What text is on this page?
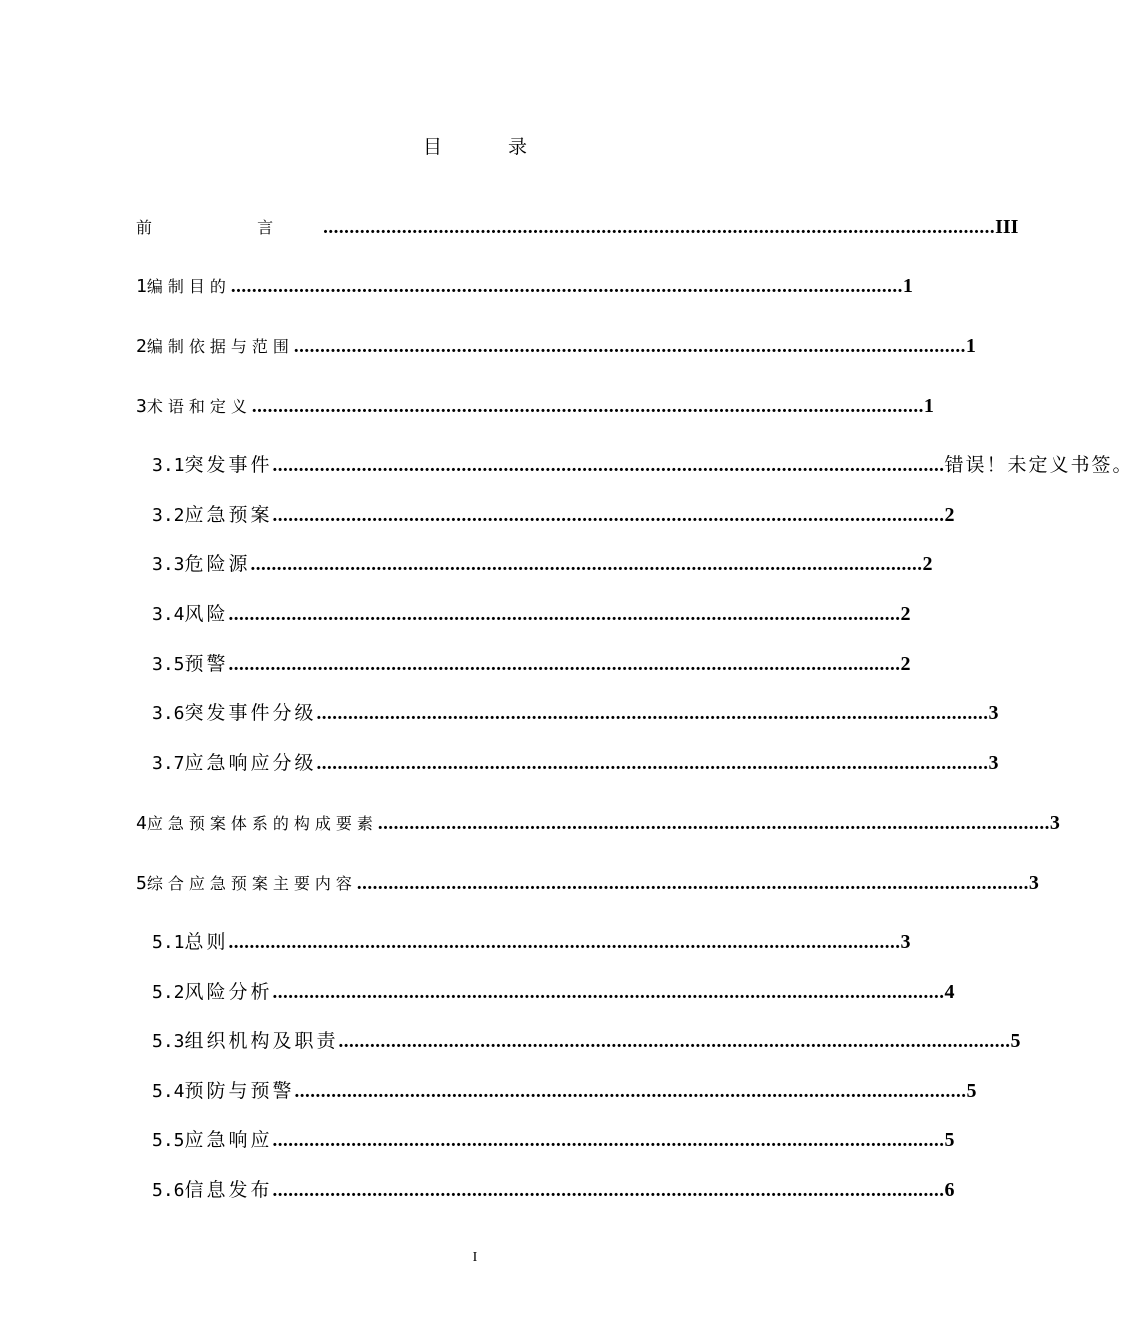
目 录
前 言 ................................................................................................................................ III
1 编制目的 ................................................................................................................................ 1
2 编制依据与范围 ................................................................................................................................ 1
3 术语和定义 ................................................................................................................................ 1
3.1 突发事件 ................................................................................................................................ 错误！未定义书签。
3.2 应急预案 ................................................................................................................................ 2
3.3 危险源 ................................................................................................................................ 2
3.4 风险 ................................................................................................................................ 2
3.5 预警 ................................................................................................................................ 2
3.6 突发事件分级 ................................................................................................................................ 3
3.7 应急响应分级 ................................................................................................................................ 3
4 应急预案体系的构成要素 ................................................................................................................................ 3
5 综合应急预案主要内容 ................................................................................................................................ 3
5.1 总则 ................................................................................................................................ 3
5.2 风险分析 ................................................................................................................................ 4
5.3 组织机构及职责 ................................................................................................................................ 5
5.4 预防与预警 ................................................................................................................................ 5
5.5 应急响应 ................................................................................................................................ 5
5.6 信息发布 ................................................................................................................................ 6
I
